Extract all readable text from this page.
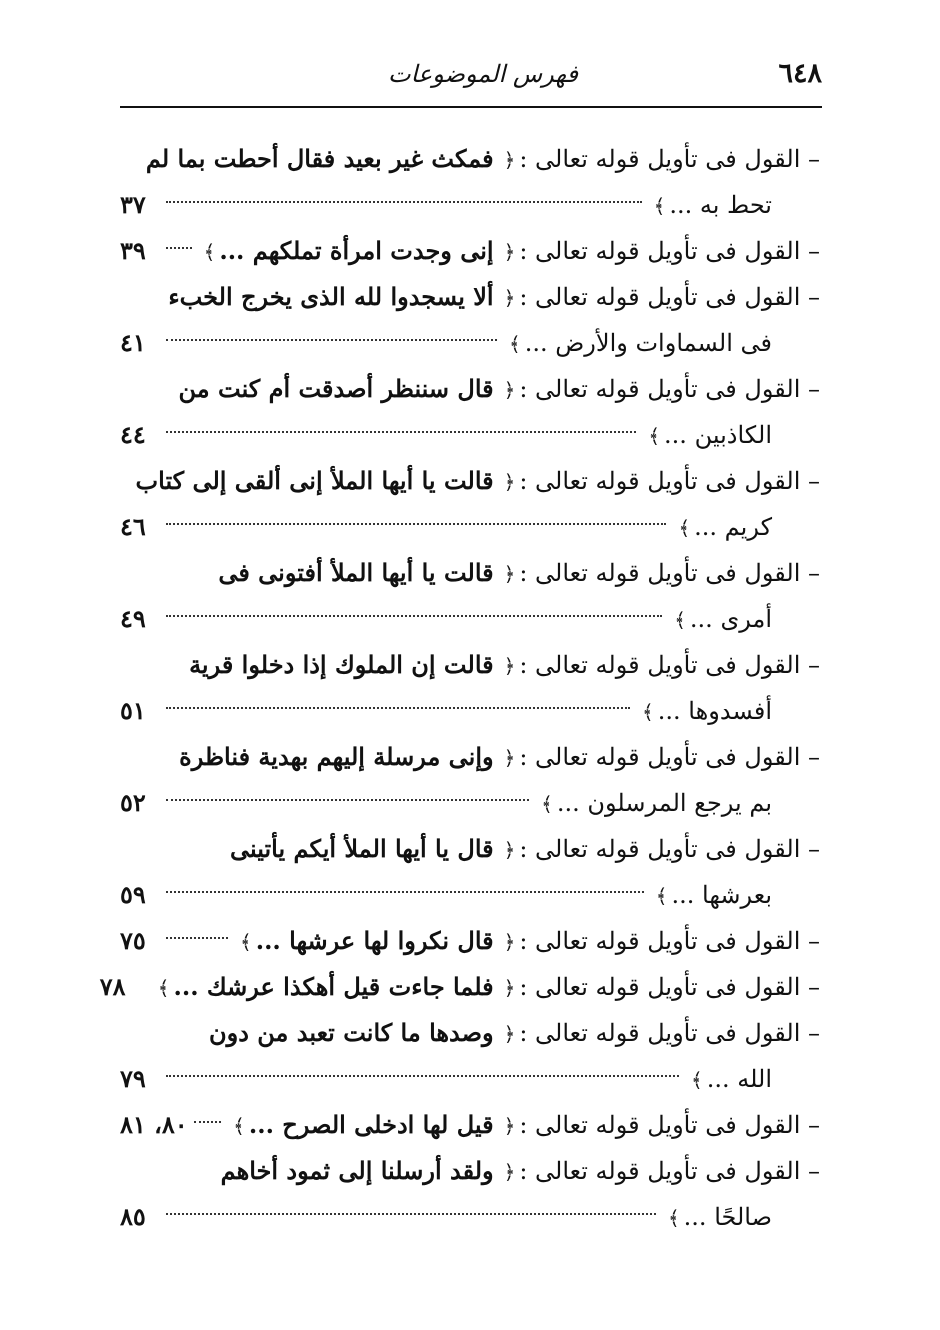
٦٤٨
فهرس الموضوعات
– القول فى تأويل قوله تعالى :
﴿
فمكث غير بعيد فقال أحطت بما لم
تحط به ...
﴾
٣٧
– القول فى تأويل قوله تعالى :
﴿
إنى وجدت امرأة تملكهم ...
﴾
٣٩
– القول فى تأويل قوله تعالى :
﴿
ألا يسجدوا لله الذى يخرج الخبء
فى السماوات والأرض ...
﴾
٤١
– القول فى تأويل قوله تعالى :
﴿
قال سننظر أصدقت أم كنت من
الكاذبين ...
﴾
٤٤
– القول فى تأويل قوله تعالى :
﴿
قالت يا أيها الملأ إنى ألقى إلى كتاب
كريم ...
﴾
٤٦
– القول فى تأويل قوله تعالى :
﴿
قالت يا أيها الملأ أفتونى فى
أمرى ...
﴾
٤٩
– القول فى تأويل قوله تعالى :
﴿
قالت إن الملوك إذا دخلوا قرية
أفسدوها ...
﴾
٥١
– القول فى تأويل قوله تعالى :
﴿
وإنى مرسلة إليهم بهدية فناظرة
بم يرجع المرسلون ...
﴾
٥٢
– القول فى تأويل قوله تعالى :
﴿
قال يا أيها الملأ أيكم يأتينى
بعرشها ...
﴾
٥٩
– القول فى تأويل قوله تعالى :
﴿
قال نكروا لها عرشها ...
﴾
٧٥
– القول فى تأويل قوله تعالى :
﴿
فلما جاءت قيل أهكذا عرشك ...
﴾
٧٨
– القول فى تأويل قوله تعالى :
﴿
وصدها ما كانت تعبد من دون
الله ...
﴾
٧٩
– القول فى تأويل قوله تعالى :
﴿
قيل لها ادخلى الصرح ...
﴾
٨٠، ٨١
– القول فى تأويل قوله تعالى :
﴿
ولقد أرسلنا إلى ثمود أخاهم
صالحًا ...
﴾
٨٥
